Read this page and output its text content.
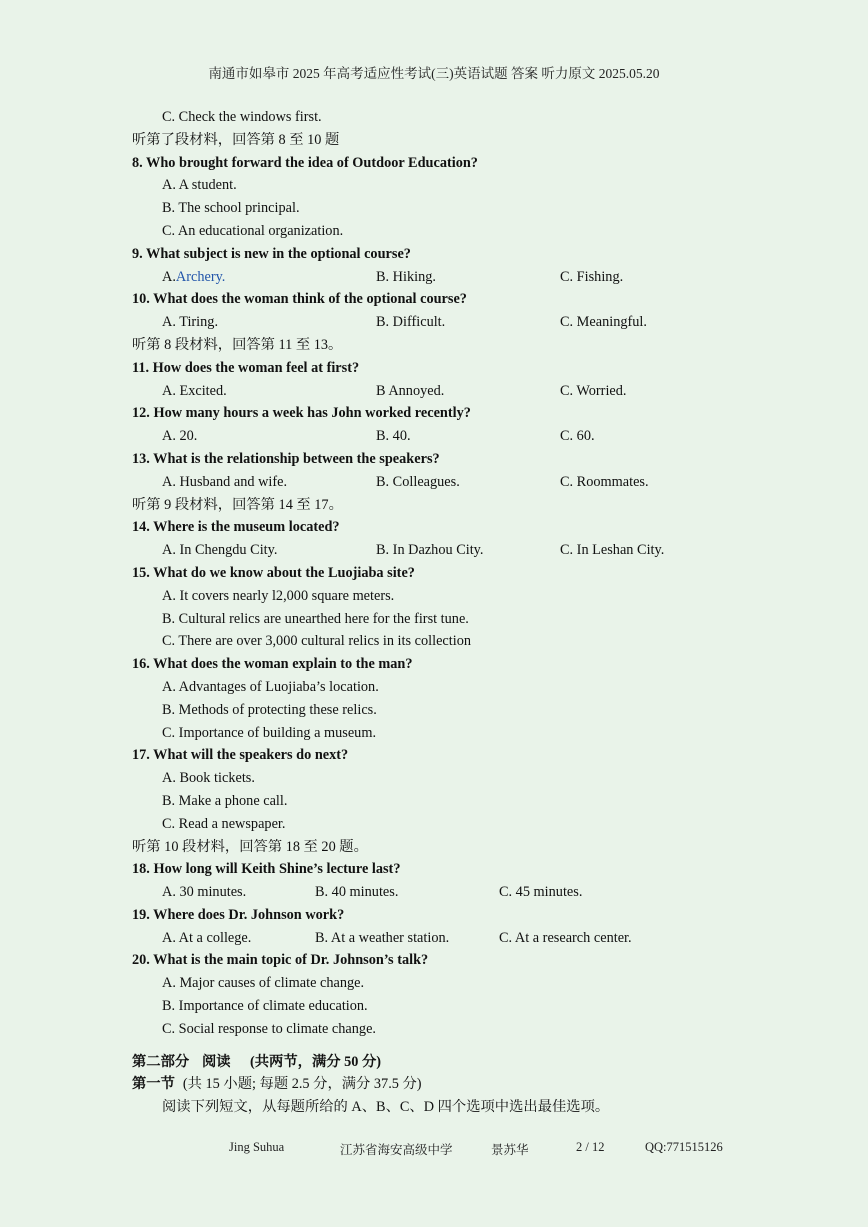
南通市如皋市 2025 年高考适应性考试(三)英语试题 答案 听力原文 2025.05.20
C. Check the windows first.
听第了段材料，回答第 8 至 10 题
8. Who brought forward the idea of Outdoor Education?
A. A student.
B. The school principal.
C. An educational organization.
9. What subject is new in the optional course?
A.Archery.	B. Hiking.	C. Fishing.
10. What does the woman think of the optional course?
A. Tiring.	B. Difficult.	C. Meaningful.
听第 8 段材料，回答第 11 至 13。
11. How does the woman feel at first?
A. Excited.	B Annoyed.	C. Worried.
12. How many hours a week has John worked recently?
A. 20.	B. 40.	C. 60.
13. What is the relationship between the speakers?
A. Husband and wife.	B. Colleagues.	C. Roommates.
听第 9 段材料，回答第 14 至 17。
14. Where is the museum located?
A. In Chengdu City.	B. In Dazhou City.	C. In Leshan City.
15. What do we know about the Luojiaba site?
A. It covers nearly l2,000 square meters.
B. Cultural relics are unearthed here for the first tune.
C. There are over 3,000 cultural relics in its collection
16. What does the woman explain to the man?
A. Advantages of Luojiaba’s location.
B. Methods of protecting these relics.
C. Importance of building a museum.
17. What will the speakers do next?
A. Book tickets.
B. Make a phone call.
C. Read a newspaper.
听第 10 段材料，回答第 18 至 20 题。
18. How long will Keith Shine’s lecture last?
A. 30 minutes.	B. 40 minutes.	C. 45 minutes.
19. Where does Dr. Johnson work?
A. At a college.	B. At a weather station.	C. At a research center.
20. What is the main topic of Dr. Johnson’s talk?
A. Major causes of climate change.
B. Importance of climate education.
C. Social response to climate change.
第二部分 阅读 (共两节，满分 50 分)
第一节 (共 15 小题; 每题 2.5 分，满分 37.5 分)
阅读下列短文，从每题所给的 A、B、C、D 四个选项中选出最佳选项。
Jing Suhua	江苏省海安高级中学	景苏华	2 / 12	QQ:771515126
